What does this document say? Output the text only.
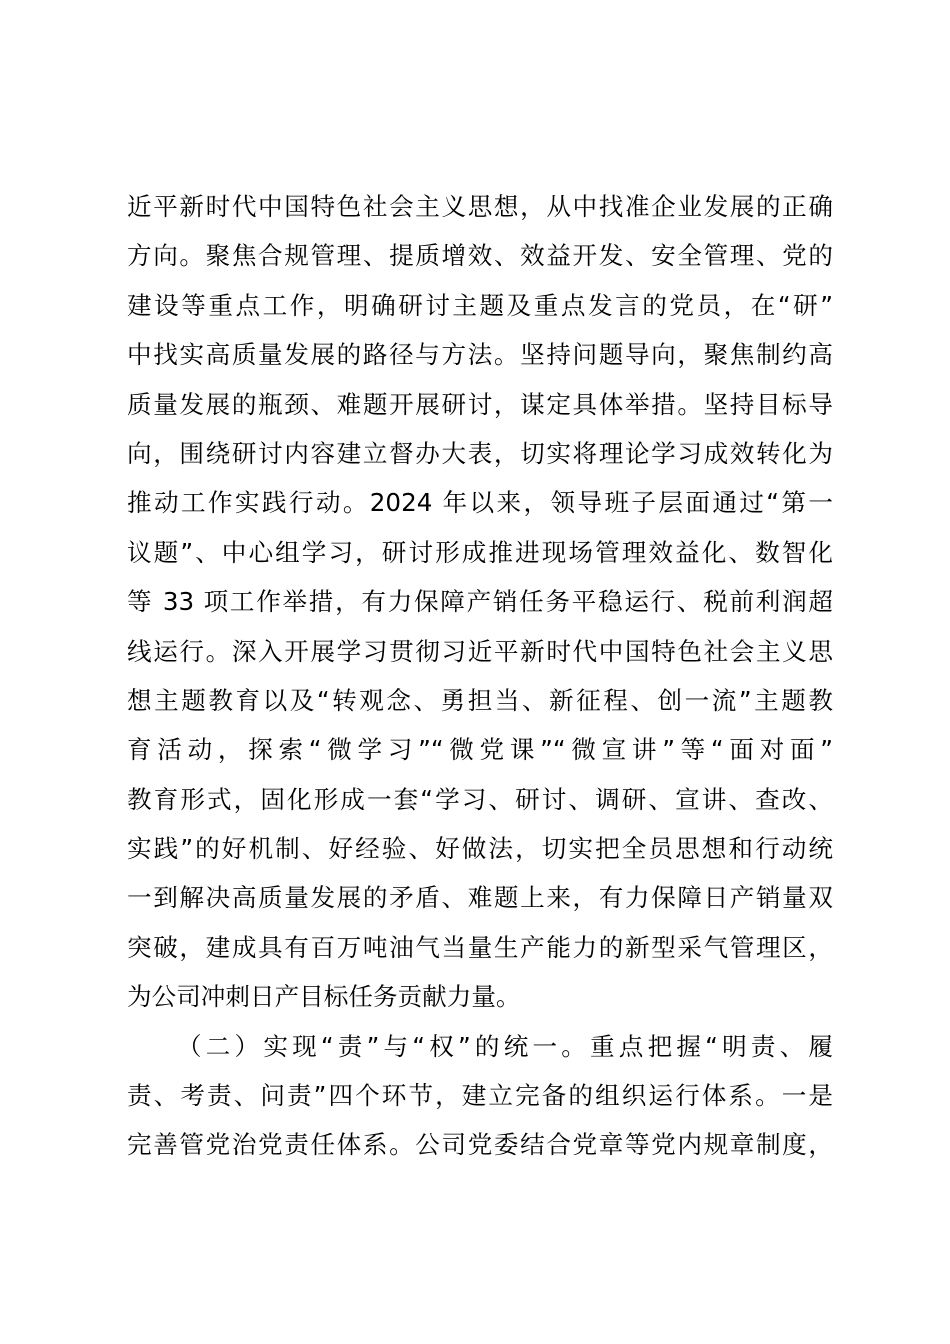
近平新时代中国特色社会主义思想，从中找准企业发展的正确
方向。聚焦合规管理、提质增效、效益开发、安全管理、党的
建设等重点工作，明确研讨主题及重点发言的党员，在“研”
中找实高质量发展的路径与方法。坚持问题导向，聚焦制约高
质量发展的瓶颈、难题开展研讨，谋定具体举措。坚持目标导
向，围绕研讨内容建立督办大表，切实将理论学习成效转化为
推动工作实践行动。2024 年以来，领导班子层面通过“第一
议题”、中心组学习，研讨形成推进现场管理效益化、数智化
等 33 项工作举措，有力保障产销任务平稳运行、税前利润超
线运行。深入开展学习贯彻习近平新时代中国特色社会主义思
想主题教育以及“转观念、勇担当、新征程、创一流”主题教
育活动，探索“微学习”“微党课”“微宣讲”等“面对面”
教育形式，固化形成一套“学习、研讨、调研、宣讲、查改、
实践”的好机制、好经验、好做法，切实把全员思想和行动统
一到解决高质量发展的矛盾、难题上来，有力保障日产销量双
突破，建成具有百万吨油气当量生产能力的新型采气管理区，
为公司冲刺日产目标任务贡献力量。
（二）实现“责”与“权”的统一。重点把握“明责、履
责、考责、问责”四个环节，建立完备的组织运行体系。一是
完善管党治党责任体系。公司党委结合党章等党内规章制度，
